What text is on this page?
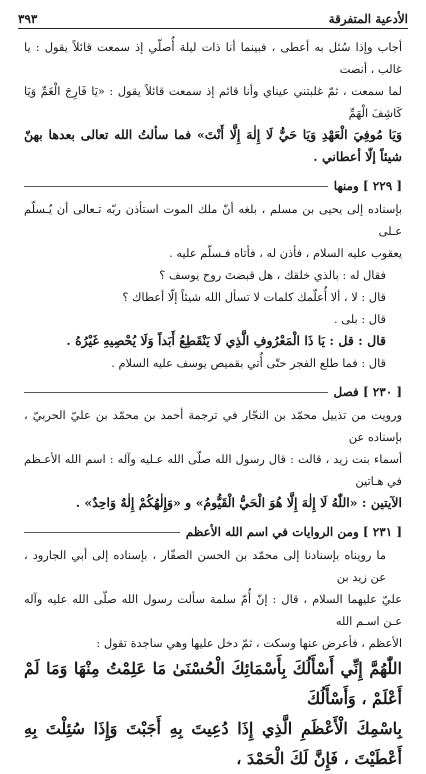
الأدعية المتفرقة
٣٩٣

أجاب وإذا سُئل به أعطى ، فبينما أنا ذات ليلة أُصلّي إذ سمعت قائلاً يقول : يا غالب ، أنصت

لما سمعت ، ثمّ غلبتني عيناي وأنا قائم إذ سمعت قائلاً يقول : «يَا فَارِجَ الْغَمِّ وَيَا كَاشِفَ الْهَمِّ

وَيَا مُوفِيَ الْعَهْدِ وَيَا حَيُّ لَا إِلٰهَ إِلَّا أَنْتَ» فما سألتُ الله تعالى بعدها بهنّ شيئاً إلّا أعطاني .

[ ٢٢٩ ] ومنها

بإسناده إلى يحيى بن مسلم ، بلغه أنّ ملك الموت استأذن ربّه تـعالى أن يُـسلّم عـلى

يعقوب عليه السلام ، فأذن له ، فأتاه فـسلّم عليه .

فقال له : بالذي خلقك ، هل قبضتَ روح يوسف ؟

قال : لا ، ألا أُعلّمك كلمات لا تسأل الله شيئاً إلّا أعطاك ؟

قال : بلى .

قال : قل : يَا ذَا الْمَعْرُوفِ الَّذِي لَا يَنْقَطِعُ أَبَداً وَلَا يُحْصِيهِ غَيْرُهُ .

قال : فما طلع الفجر حتّى أُتي بقميص يوسف عليه السلام .

[ ٢٣٠ ] فصل

ورويت من تذييل محمّد بن النجّار في ترجمة أحمد بن محمّد بن عليّ الحربيّ ، بإسناده عن

أسماء بنت زيد ، قالت : قال رسول الله صلّى الله عـليه وآله : اسم الله الأعـظم في هـاتين

الآيتين : «اللّٰهُ لَا إِلٰهَ إِلَّا هُوَ الْحَيُّ الْقَيُّومُ» و «وَإِلٰهُكُمْ إِلٰهٌ وَاحِدٌ» .

[ ٢٣١ ] ومن الروايات في اسم الله الأعظم

ما رويناه بإسنادنا إلى محمّد بن الحسن الصفّار ، بإسناده إلى أبي الجارود ، عن زيد بن

عليّ عليهما السلام ، قال : إنّ أُمّ سلمة سألت رسول الله صلّى الله عليه وآله عـن اسـم الله

الأعظم ، فأعرض عنها وسكت ، ثمّ دخل عليها وهي ساجدة تقول :

اللّٰهُمَّ إِنِّي أَسْأَلُكَ بِأَسْمَائِكَ الْحُسْنَىٰ مَا عَلِمْتُ مِنْهَا وَمَا لَمْ أَعْلَمْ ، وَأَسْأَلُكَ

بِاسْمِكَ الْأَعْظَمِ الَّذِي إِذَا دُعِيتَ بِهِ أَجَبْتَ وَإِذَا سُئِلْتَ بِهِ أَعْطَيْتَ ، فَإِنَّ لَكَ الْحَمْدَ ،
